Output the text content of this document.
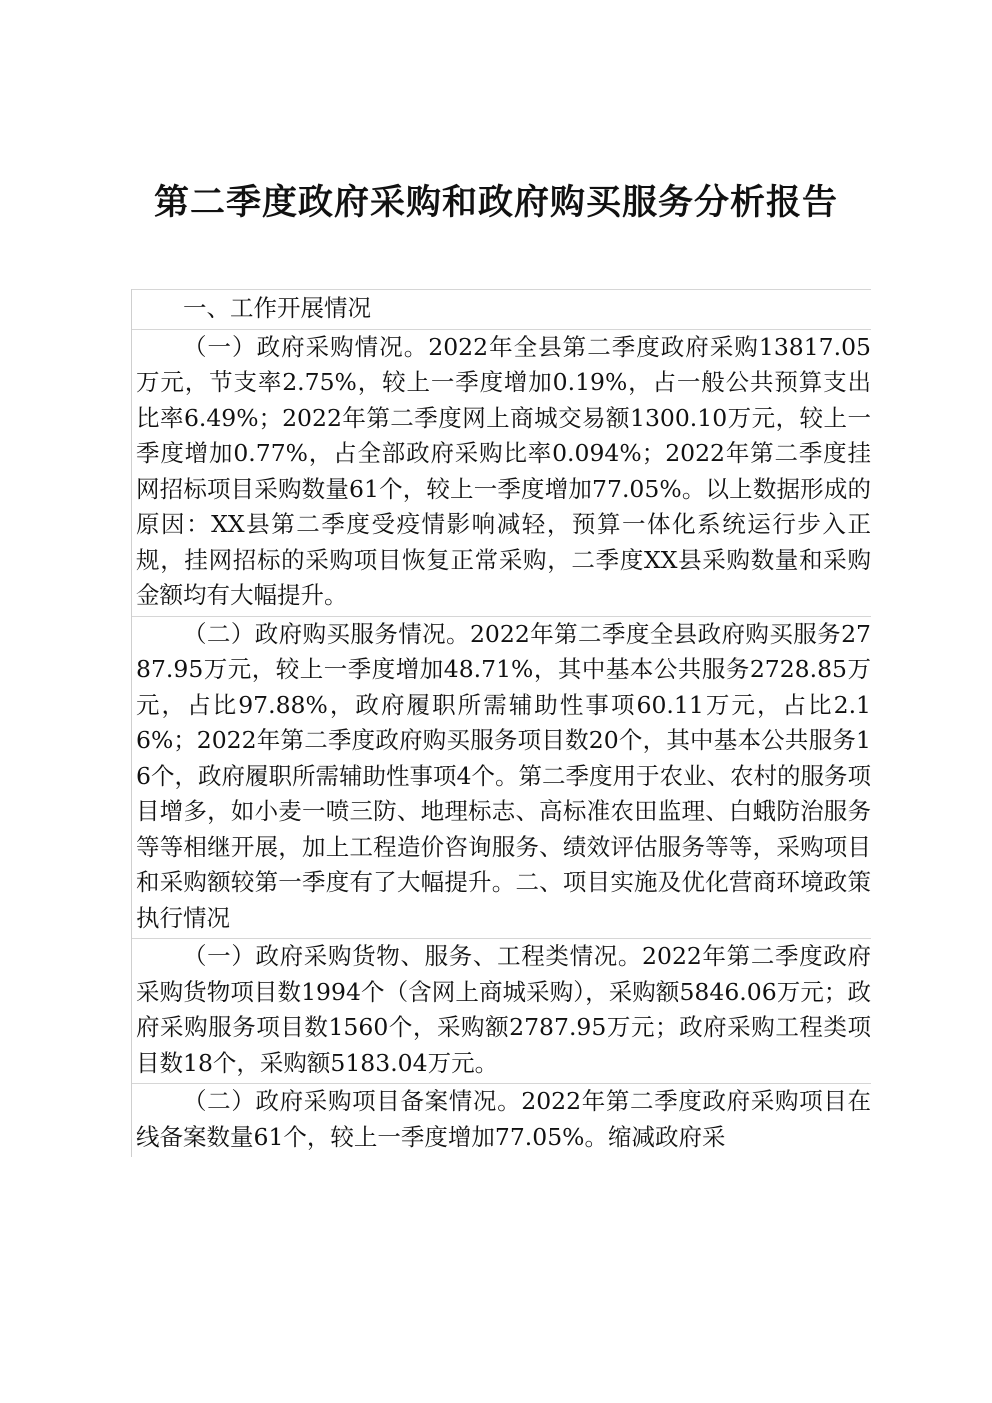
第二季度政府采购和政府购买服务分析报告

一、工作开展情况

（一）政府采购情况。2022年全县第二季度政府采购13817.05万元，节支率2.75%，较上一季度增加0.19%，占一般公共预算支出比率6.49%；2022年第二季度网上商城交易额1300.10万元，较上一季度增加0.77%，占全部政府采购比率0.094%；2022年第二季度挂网招标项目采购数量61个，较上一季度增加77.05%。以上数据形成的原因：XX县第二季度受疫情影响减轻，预算一体化系统运行步入正规，挂网招标的采购项目恢复正常采购，二季度XX县采购数量和采购金额均有大幅提升。

（二）政府购买服务情况。2022年第二季度全县政府购买服务2787.95万元，较上一季度增加48.71%，其中基本公共服务2728.85万元，占比97.88%，政府履职所需辅助性事项60.11万元，占比2.16%；2022年第二季度政府购买服务项目数20个，其中基本公共服务16个，政府履职所需辅助性事项4个。第二季度用于农业、农村的服务项目增多，如小麦一喷三防、地理标志、高标准农田监理、白蛾防治服务等等相继开展，加上工程造价咨询服务、绩效评估服务等等，采购项目和采购额较第一季度有了大幅提升。二、项目实施及优化营商环境政策执行情况

（一）政府采购货物、服务、工程类情况。2022年第二季度政府采购货物项目数1994个（含网上商城采购），采购额5846.06万元；政府采购服务项目数1560个，采购额2787.95万元；政府采购工程类项目数18个，采购额5183.04万元。

（二）政府采购项目备案情况。2022年第二季度政府采购项目在线备案数量61个，较上一季度增加77.05%。缩减政府采
